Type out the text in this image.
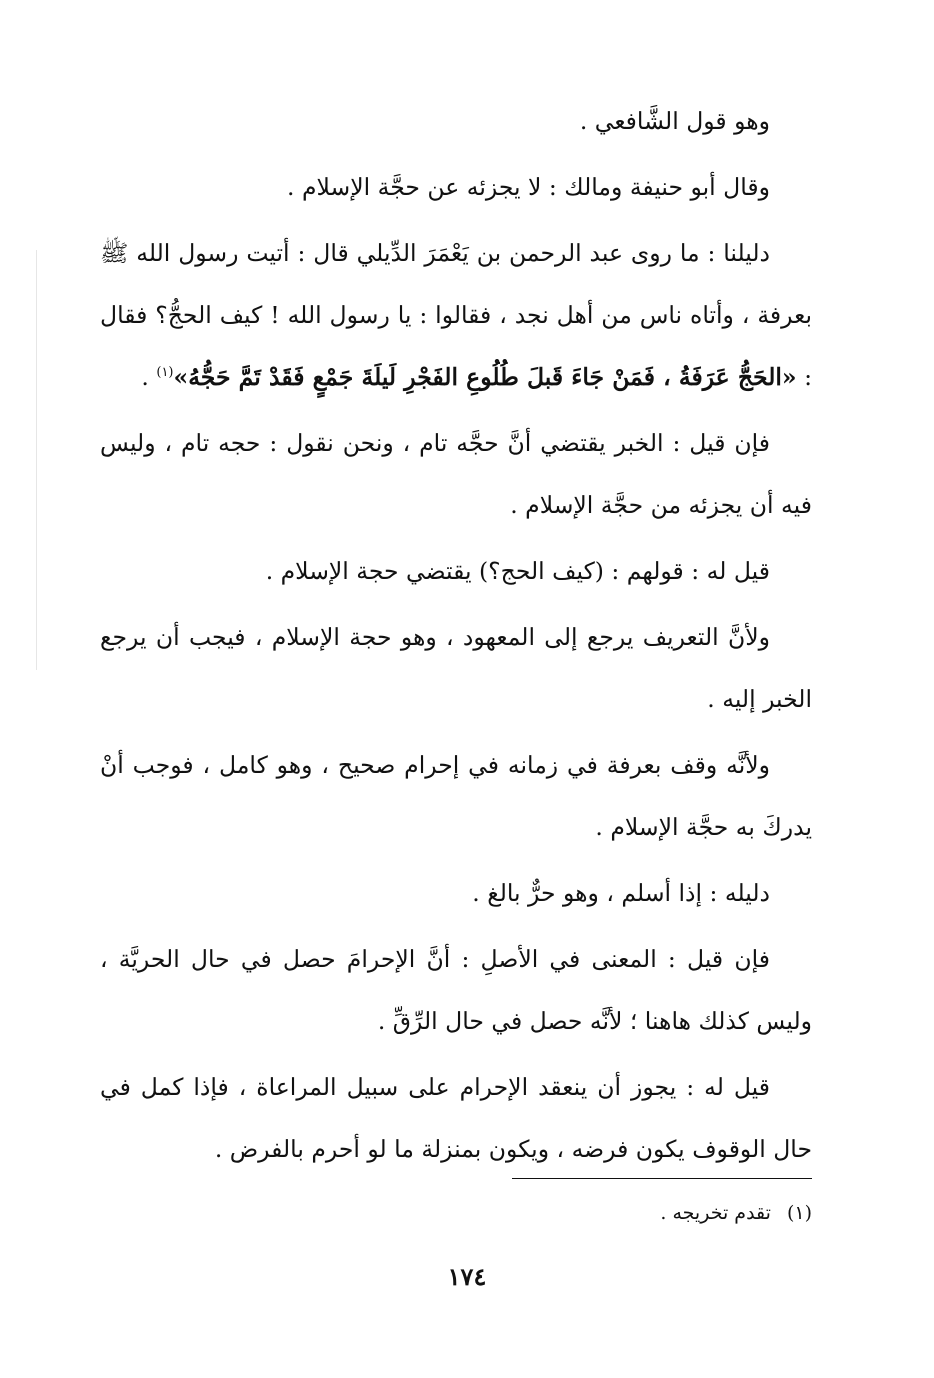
وهو قول الشَّافعي .

وقال أبو حنيفة ومالك : لا يجزئه عن حجَّة الإسلام .

دليلنا : ما روى عبد الرحمن بن يَعْمَرَ الدِّيلي قال : أتيت رسول الله ﷺ بعرفة ، وأتاه ناس من أهل نجد ، فقالوا : يا رسول الله ! كيف الحجُّ؟ فقال : «الحَجُّ عَرَفَةُ ، فَمَنْ جَاءَ قَبلَ طُلُوعِ الفَجْرِ لَيلَةَ جَمْعٍ فَقَدْ تَمَّ حَجُّهُ»$^{(١)}$ .

فإن قيل : الخبر يقتضي أنَّ حجَّه تام ، ونحن نقول : حجه تام ، وليس فيه أن يجزئه من حجَّة الإسلام .

قيل له : قولهم : (كيف الحج؟) يقتضي حجة الإسلام .

ولأنَّ التعريف يرجع إلى المعهود ، وهو حجة الإسلام ، فيجب أن يرجع الخبر إليه .

ولأنَّه وقف بعرفة في زمانه في إحرام صحيح ، وهو كامل ، فوجب أنْ يدركَ به حجَّة الإسلام .

دليله : إذا أسلم ، وهو حرٌّ بالغ .

فإن قيل : المعنى في الأصلِ : أنَّ الإحرامَ حصل في حال الحريَّة ، وليس كذلك هاهنا ؛ لأنَّه حصل في حال الرِّقِّ .

قيل له : يجوز أن ينعقد الإحرام على سبيل المراعاة ، فإذا كمل في حال الوقوف يكون فرضه ، ويكون بمنزلة ما لو أحرم بالفرض .

(١)تقدم تخريجه .
١٧٤
